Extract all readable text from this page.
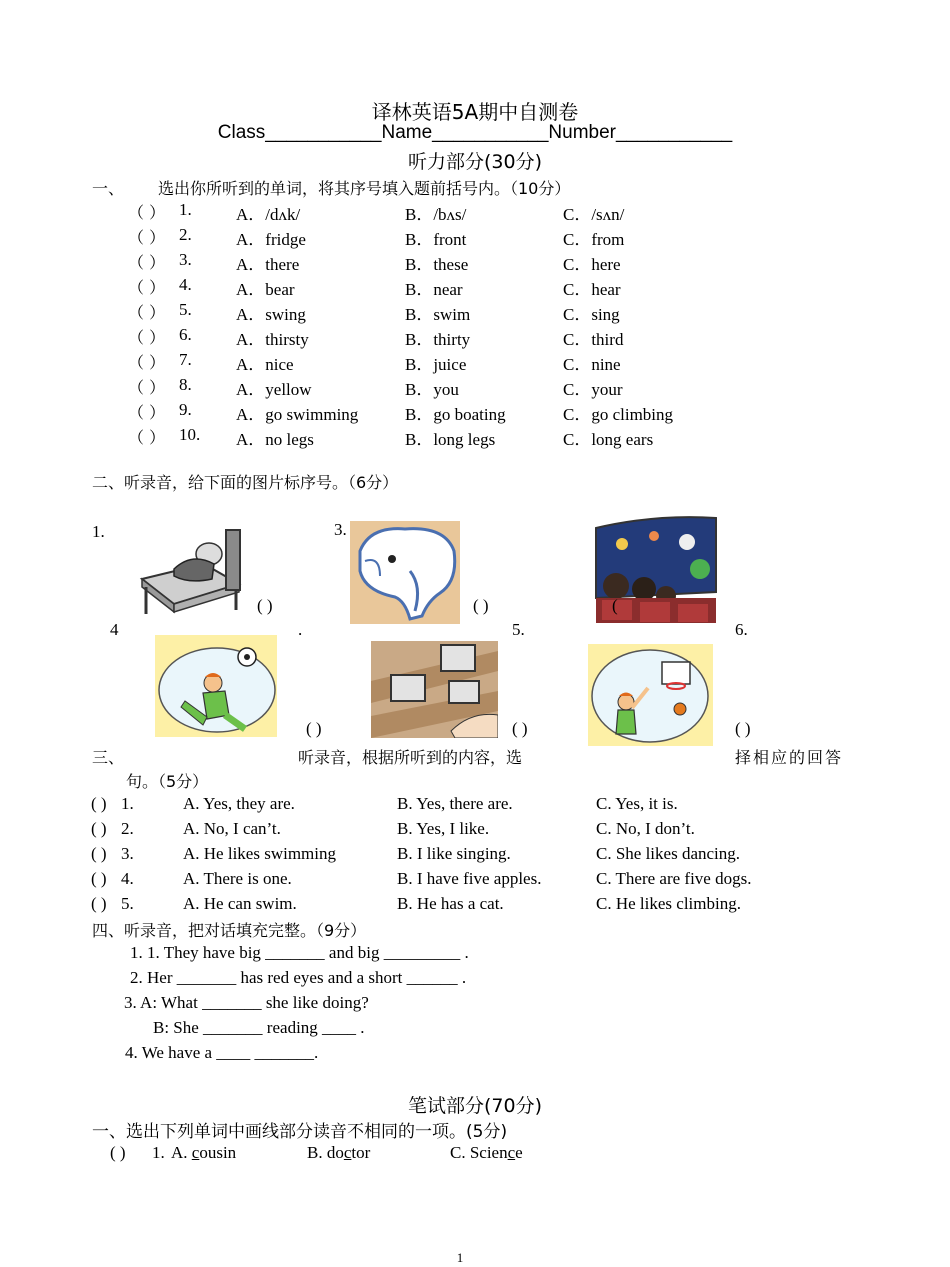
译林英语5A期中自测卷
Class___________Name___________Number___________
听力部分(30分)
一、 选出你所听到的单词，将其序号填入题前括号内。（10分）
（ ） 1.	A．/dʌk/	B．/bʌs/	C．/sʌn/
（ ） 2.	A．fridge	B．front	C．from
（ ） 3.	A．there	B．these	C．here
（ ） 4.	A．bear	B．near	C．hear
（ ） 5.	A．swing	B．swim	C．sing
（ ） 6.	A．thirsty	B．thirty	C．third
（ ） 7.	A．nice	B．juice	C．nine
（ ） 8.	A．yellow	B．you	C．your
（ ） 9.	A．go swimming	B．go boating	C．go climbing
（ ） 10. A．no legs	B．long legs	C．long ears
二、听录音，给下面的图片标序号。（6分）
1.	3.
( )	( )	(
4	.	5.	6.
( )	( )	( )
三、	听录音，根据所听到的内容，选	择相应的回答
句。（5分）
( ) 1.	A. Yes, they are.	B. Yes, there are.	C. Yes, it is.
( ) 2.	A. No, I can’t.	B. Yes, I like.	C. No, I don’t.
( ) 3.	A. He likes swimming	B. I like singing.	C. She likes dancing.
( ) 4.	A. There is one.	B. I have five apples.	C. There are five dogs.
( ) 5.	A. He can swim.	B. He has a cat.	C. He likes climbing.
四、听录音，把对话填充完整。（9分）
1. 1. They have big _______ and big _________ .
2. Her _______ has red eyes and a short ______ .
3. A: What _______ she like doing?
B: She _______ reading ____ .
4. We have a ____ _______.
笔试部分(70分)
一、选出下列单词中画线部分读音不相同的一项。(5分)
( ) 1. A. cousin	B. doctor	C. Science
1
